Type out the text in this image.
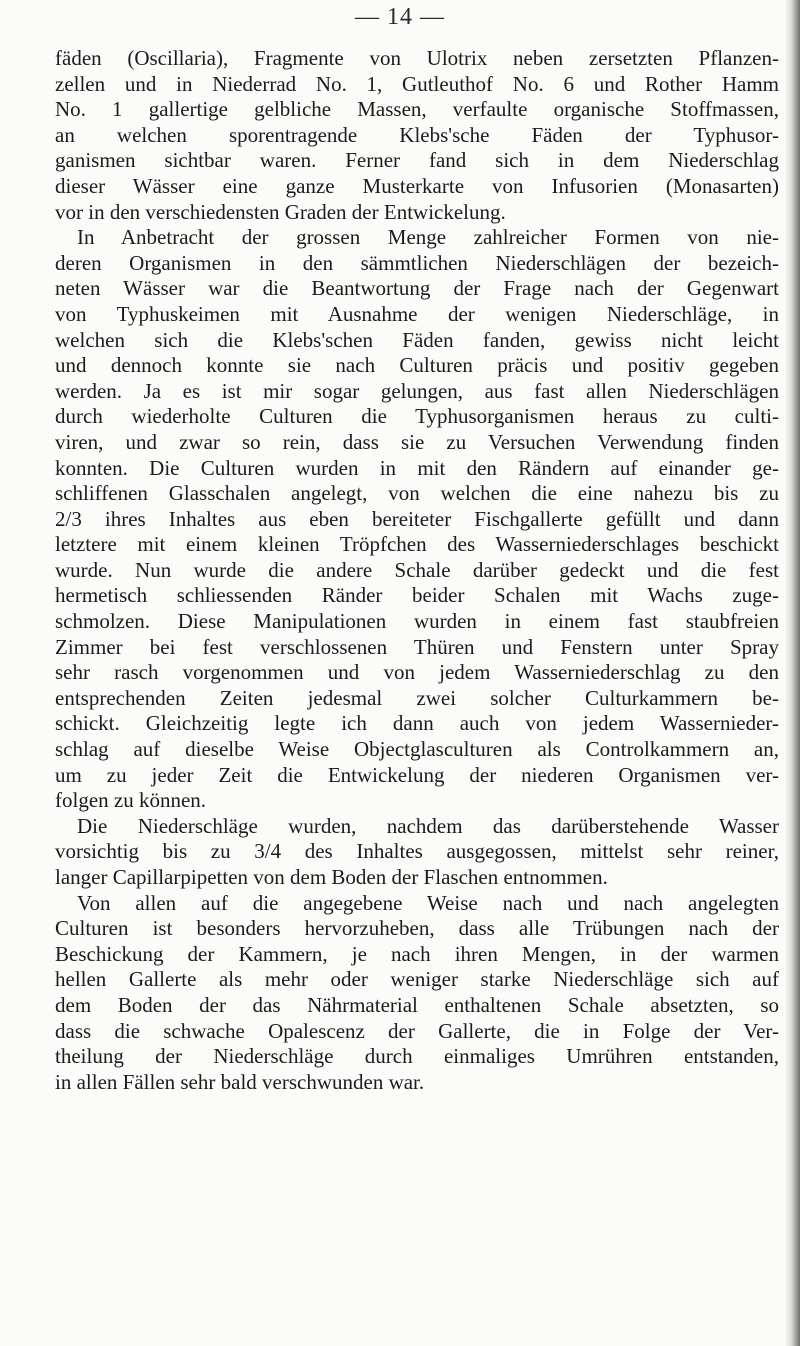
— 14 —
fäden (Oscillaria), Fragmente von Ulotrix neben zersetzten Pflanzen-
zellen und in Niederrad No. 1, Gutleuthof No. 6 und Rother Hamm
No. 1 gallertige gelbliche Massen, verfaulte organische Stoffmassen,
an welchen sporentragende Klebs'sche Fäden der Typhusor-
ganismen sichtbar waren. Ferner fand sich in dem Niederschlag
dieser Wässer eine ganze Musterkarte von Infusorien (Monasarten)
vor in den verschiedensten Graden der Entwickelung.
In Anbetracht der grossen Menge zahlreicher Formen von nie-
deren Organismen in den sämmtlichen Niederschlägen der bezeich-
neten Wässer war die Beantwortung der Frage nach der Gegenwart
von Typhuskeimen mit Ausnahme der wenigen Niederschläge, in
welchen sich die Klebs'schen Fäden fanden, gewiss nicht leicht
und dennoch konnte sie nach Culturen präcis und positiv gegeben
werden. Ja es ist mir sogar gelungen, aus fast allen Niederschlägen
durch wiederholte Culturen die Typhusorganismen heraus zu culti-
viren, und zwar so rein, dass sie zu Versuchen Verwendung finden
konnten. Die Culturen wurden in mit den Rändern auf einander ge-
schliffenen Glasschalen angelegt, von welchen die eine nahezu bis zu
2/3 ihres Inhaltes aus eben bereiteter Fischgallerte gefüllt und dann
letztere mit einem kleinen Tröpfchen des Wasserniederschlages beschickt
wurde. Nun wurde die andere Schale darüber gedeckt und die fest
hermetisch schliessenden Ränder beider Schalen mit Wachs zuge-
schmolzen. Diese Manipulationen wurden in einem fast staubfreien
Zimmer bei fest verschlossenen Thüren und Fenstern unter Spray
sehr rasch vorgenommen und von jedem Wasserniederschlag zu den
entsprechenden Zeiten jedesmal zwei solcher Culturkammern be-
schickt. Gleichzeitig legte ich dann auch von jedem Wassernieder-
schlag auf dieselbe Weise Objectglasculturen als Controlkammern an,
um zu jeder Zeit die Entwickelung der niederen Organismen ver-
folgen zu können.
Die Niederschläge wurden, nachdem das darüberstehende Wasser
vorsichtig bis zu 3/4 des Inhaltes ausgegossen, mittelst sehr reiner,
langer Capillarpipetten von dem Boden der Flaschen entnommen.
Von allen auf die angegebene Weise nach und nach angelegten
Culturen ist besonders hervorzuheben, dass alle Trübungen nach der
Beschickung der Kammern, je nach ihren Mengen, in der warmen
hellen Gallerte als mehr oder weniger starke Niederschläge sich auf
dem Boden der das Nährmaterial enthaltenen Schale absetzten, so
dass die schwache Opalescenz der Gallerte, die in Folge der Ver-
theilung der Niederschläge durch einmaliges Umrühren entstanden,
in allen Fällen sehr bald verschwunden war.
